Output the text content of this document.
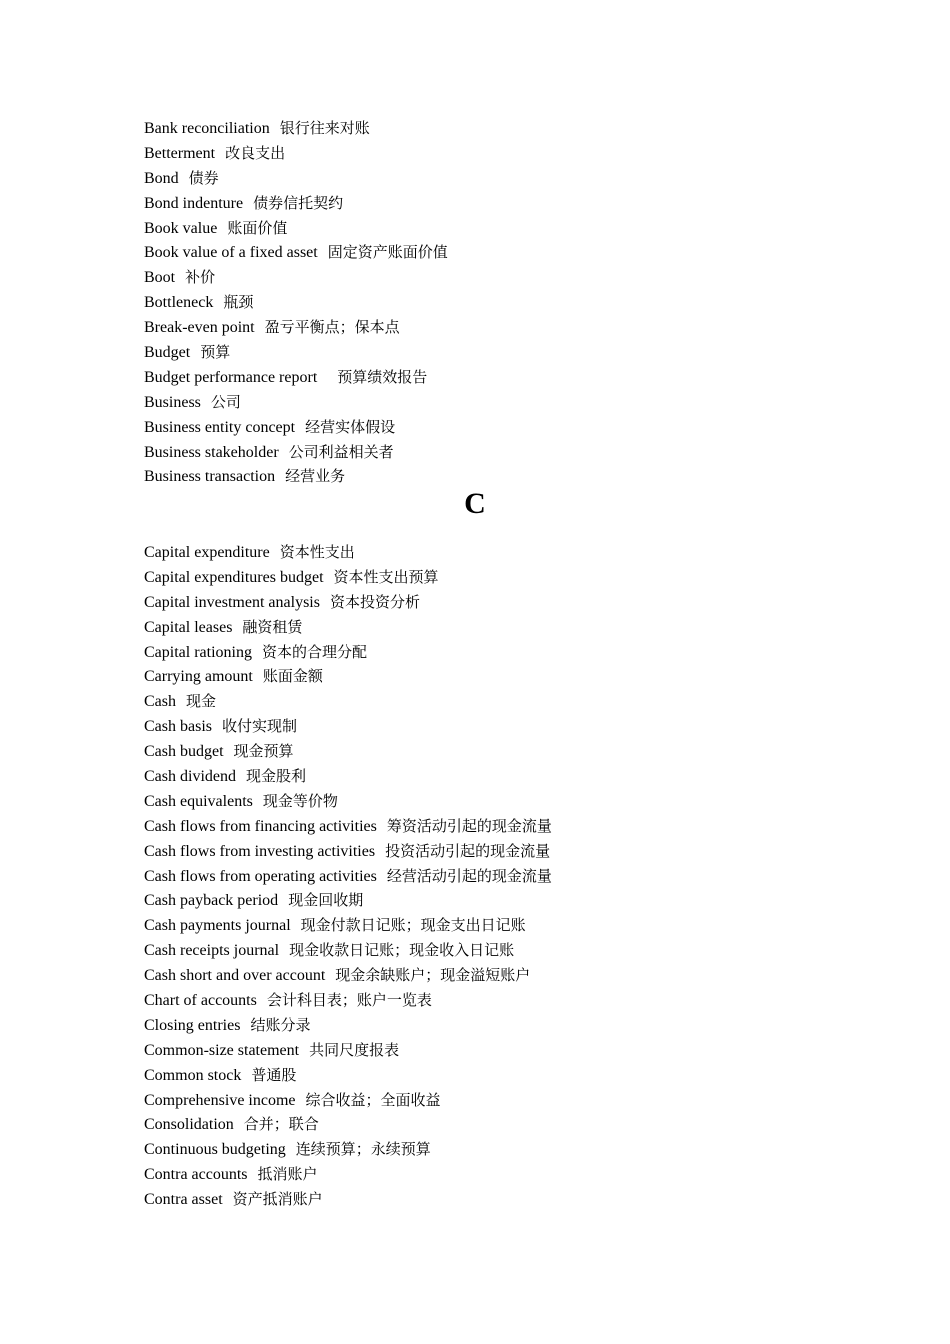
Bank reconciliation 银行往来对账
Betterment 改良支出
Bond 债券
Bond indenture 债券信托契约
Book value 账面价值
Book value of a fixed asset 固定资产账面价值
Boot 补价
Bottleneck 瓶颈
Break-even point 盈亏平衡点；保本点
Budget 预算
Budget performance report 预算绩效报告
Business 公司
Business entity concept 经营实体假设
Business stakeholder 公司利益相关者
Business transaction 经营业务
C
Capital expenditure 资本性支出
Capital expenditures budget 资本性支出预算
Capital investment analysis 资本投资分析
Capital leases 融资租赁
Capital rationing 资本的合理分配
Carrying amount 账面金额
Cash 现金
Cash basis 收付实现制
Cash budget 现金预算
Cash dividend 现金股利
Cash equivalents 现金等价物
Cash flows from financing activities 筹资活动引起的现金流量
Cash flows from investing activities 投资活动引起的现金流量
Cash flows from operating activities 经营活动引起的现金流量
Cash payback period 现金回收期
Cash payments journal 现金付款日记账；现金支出日记账
Cash receipts journal 现金收款日记账；现金收入日记账
Cash short and over account 现金余缺账户；现金溢短账户
Chart of accounts 会计科目表；账户一览表
Closing entries 结账分录
Common-size statement 共同尺度报表
Common stock 普通股
Comprehensive income 综合收益；全面收益
Consolidation 合并；联合
Continuous budgeting 连续预算；永续预算
Contra accounts 抵消账户
Contra asset 资产抵消账户
